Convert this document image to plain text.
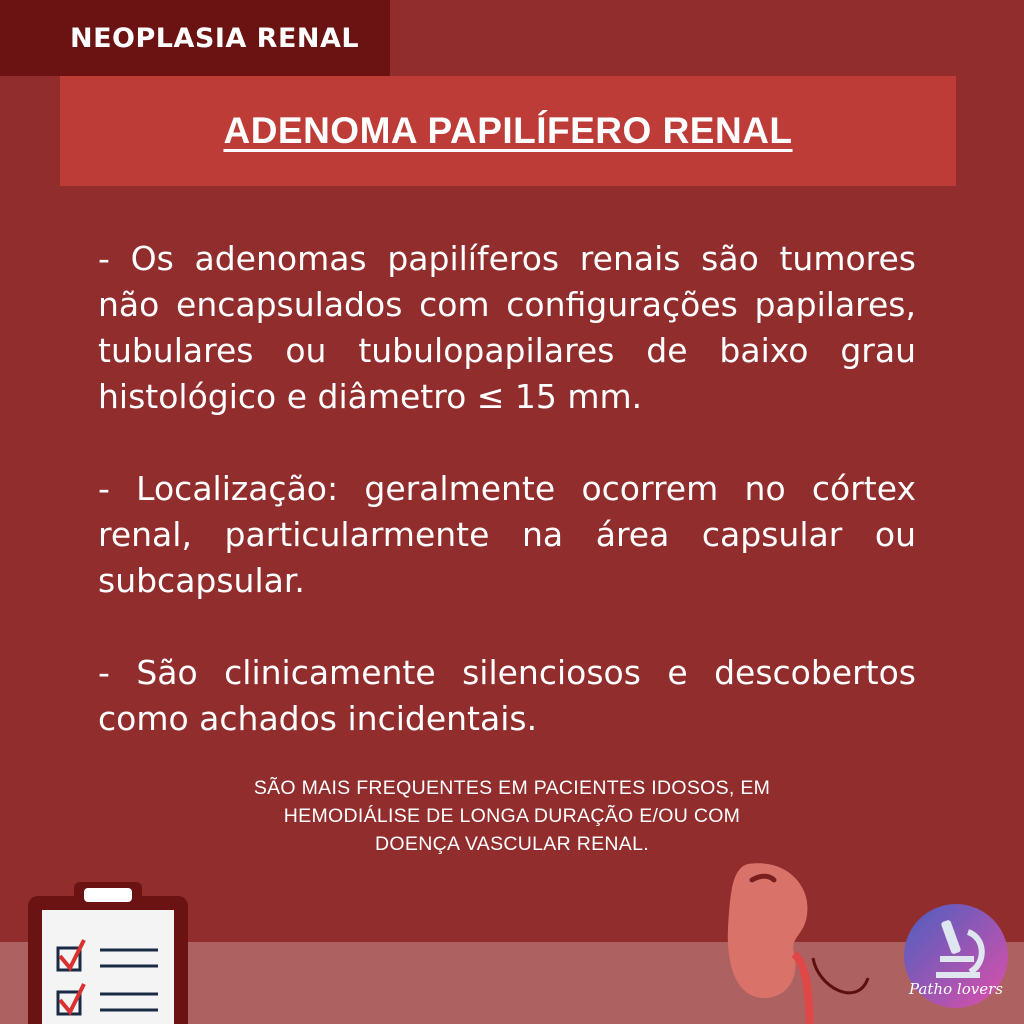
NEOPLASIA RENAL
ADENOMA PAPILÍFERO RENAL

- Os adenomas papilíferos renais são tumores não encapsulados com configurações papilares, tubulares ou tubulopapilares de baixo grau histológico e diâmetro ≤ 15 mm.

- Localização: geralmente ocorrem no córtex renal, particularmente na área capsular ou subcapsular.

- São clinicamente silenciosos e descobertos como achados incidentais.

SÃO MAIS FREQUENTES EM PACIENTES IDOSOS, EM
HEMODIÁLISE DE LONGA DURAÇÃO E/OU COM
DOENÇA VASCULAR RENAL.
Patho lovers
